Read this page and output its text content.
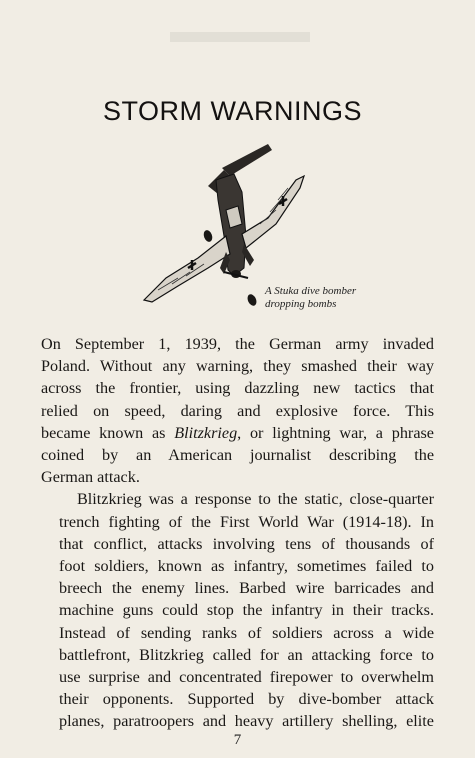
STORM WARNINGS
A Stuka dive bomber
dropping bombs

On September 1, 1939, the German army invaded
Poland. Without any warning, they smashed their way
across the frontier, using dazzling new tactics that
relied on speed, daring and explosive force. This
became known as Blitzkrieg, or lightning war, a phrase
coined by an American journalist describing the
German attack.

Blitzkrieg was a response to the static, close-quarter
trench fighting of the First World War (1914-18). In
that conflict, attacks involving tens of thousands of
foot soldiers, known as infantry, sometimes failed to
breech the enemy lines. Barbed wire barricades and
machine guns could stop the infantry in their tracks.
Instead of sending ranks of soldiers across a wide
battlefront, Blitzkrieg called for an attacking force to
use surprise and concentrated firepower to overwhelm
their opponents. Supported by dive-bomber attack
planes, paratroopers and heavy artillery shelling, elite

7
